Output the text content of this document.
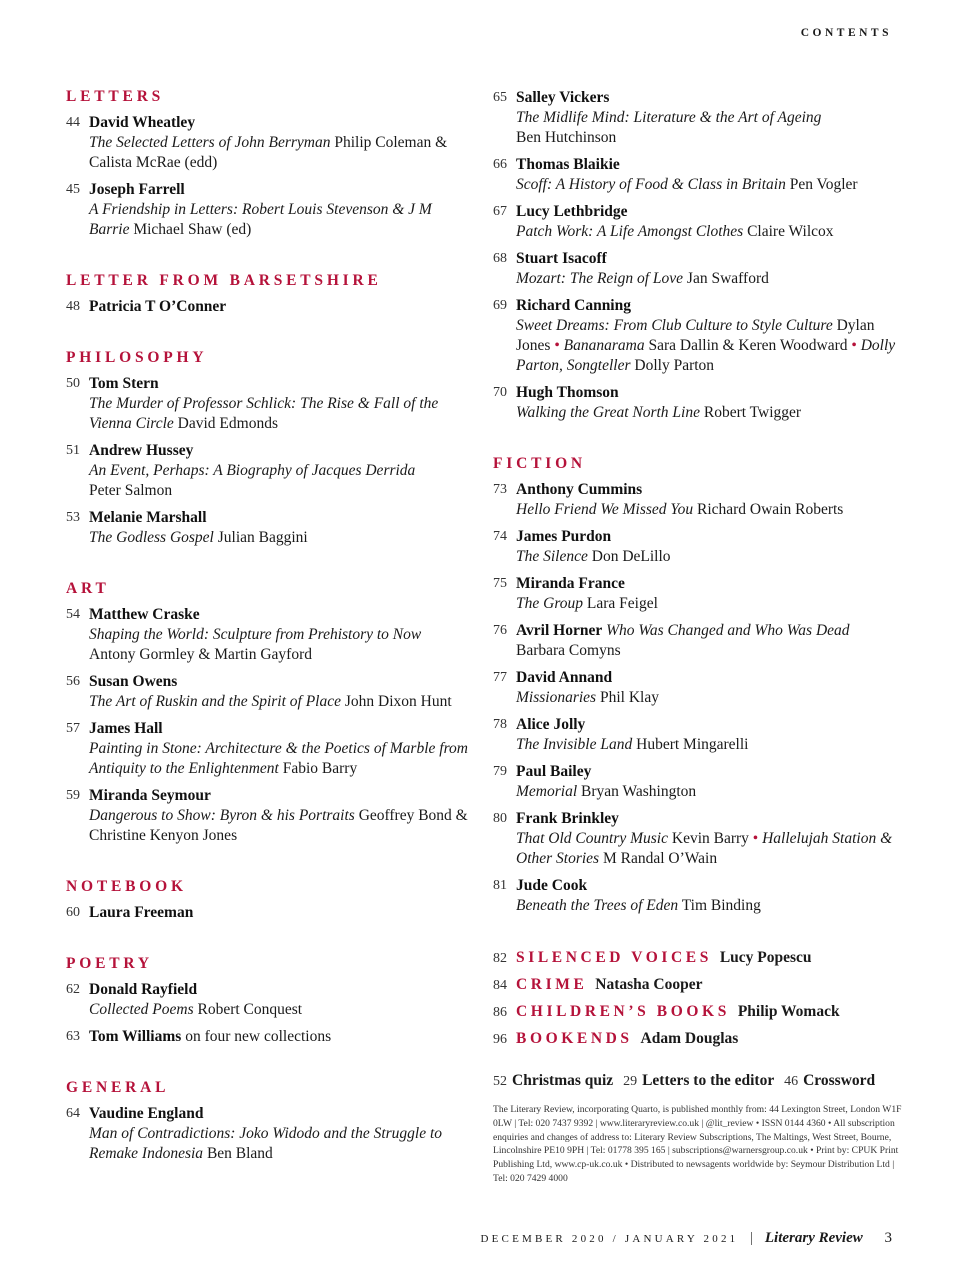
CONTENTS
LETTERS
44 David Wheatley
The Selected Letters of John Berryman Philip Coleman & Calista McRae (edd)
45 Joseph Farrell
A Friendship in Letters: Robert Louis Stevenson & J M Barrie Michael Shaw (ed)
LETTER FROM BARSETSHIRE
48 Patricia T O’Conner
PHILOSOPHY
50 Tom Stern
The Murder of Professor Schlick: The Rise & Fall of the Vienna Circle David Edmonds
51 Andrew Hussey
An Event, Perhaps: A Biography of Jacques Derrida
Peter Salmon
53 Melanie Marshall
The Godless Gospel Julian Baggini
ART
54 Matthew Craske
Shaping the World: Sculpture from Prehistory to Now
Antony Gormley & Martin Gayford
56 Susan Owens
The Art of Ruskin and the Spirit of Place John Dixon Hunt
57 James Hall
Painting in Stone: Architecture & the Poetics of Marble from Antiquity to the Enlightenment Fabio Barry
59 Miranda Seymour
Dangerous to Show: Byron & his Portraits Geoffrey Bond & Christine Kenyon Jones
NOTEBOOK
60 Laura Freeman
POETRY
62 Donald Rayfield
Collected Poems Robert Conquest
63 Tom Williams on four new collections
GENERAL
64 Vaudine England
Man of Contradictions: Joko Widodo and the Struggle to Remake Indonesia Ben Bland
65 Salley Vickers
The Midlife Mind: Literature & the Art of Ageing
Ben Hutchinson
66 Thomas Blaikie
Scoff: A History of Food & Class in Britain Pen Vogler
67 Lucy Lethbridge
Patch Work: A Life Amongst Clothes Claire Wilcox
68 Stuart Isacoff
Mozart: The Reign of Love Jan Swafford
69 Richard Canning
Sweet Dreams: From Club Culture to Style Culture Dylan Jones • Bananarama Sara Dallin & Keren Woodward • Dolly Parton, Songteller Dolly Parton
70 Hugh Thomson
Walking the Great North Line Robert Twigger
FICTION
73 Anthony Cummins
Hello Friend We Missed You Richard Owain Roberts
74 James Purdon
The Silence Don DeLillo
75 Miranda France
The Group Lara Feigel
76 Avril Horner Who Was Changed and Who Was Dead
Barbara Comyns
77 David Annand
Missionaries Phil Klay
78 Alice Jolly
The Invisible Land Hubert Mingarelli
79 Paul Bailey
Memorial Bryan Washington
80 Frank Brinkley
That Old Country Music Kevin Barry • Hallelujah Station & Other Stories M Randal O’Wain
81 Jude Cook
Beneath the Trees of Eden Tim Binding
82 SILENCED VOICES Lucy Popescu
84 CRIME Natasha Cooper
86 CHILDREN’S BOOKS Philip Womack
96 BOOKENDS Adam Douglas
52 Christmas quiz 29 Letters to the editor 46 Crossword
The Literary Review, incorporating Quarto, is published monthly from: 44 Lexington Street, London W1F 0LW | Tel: 020 7437 9392 | www.literaryreview.co.uk | @lit_review • ISSN 0144 4360 • All subscription enquiries and changes of address to: Literary Review Subscriptions, The Maltings, West Street, Bourne, Lincolnshire PE10 9PH | Tel: 01778 395 165 | subscriptions@warnersgroup.co.uk • Print by: CPUK Print Publishing Ltd, www.cp-uk.co.uk • Distributed to newsagents worldwide by: Seymour Distribution Ltd | Tel: 020 7429 4000
DECEMBER 2020 / JANUARY 2021 | Literary Review 3
